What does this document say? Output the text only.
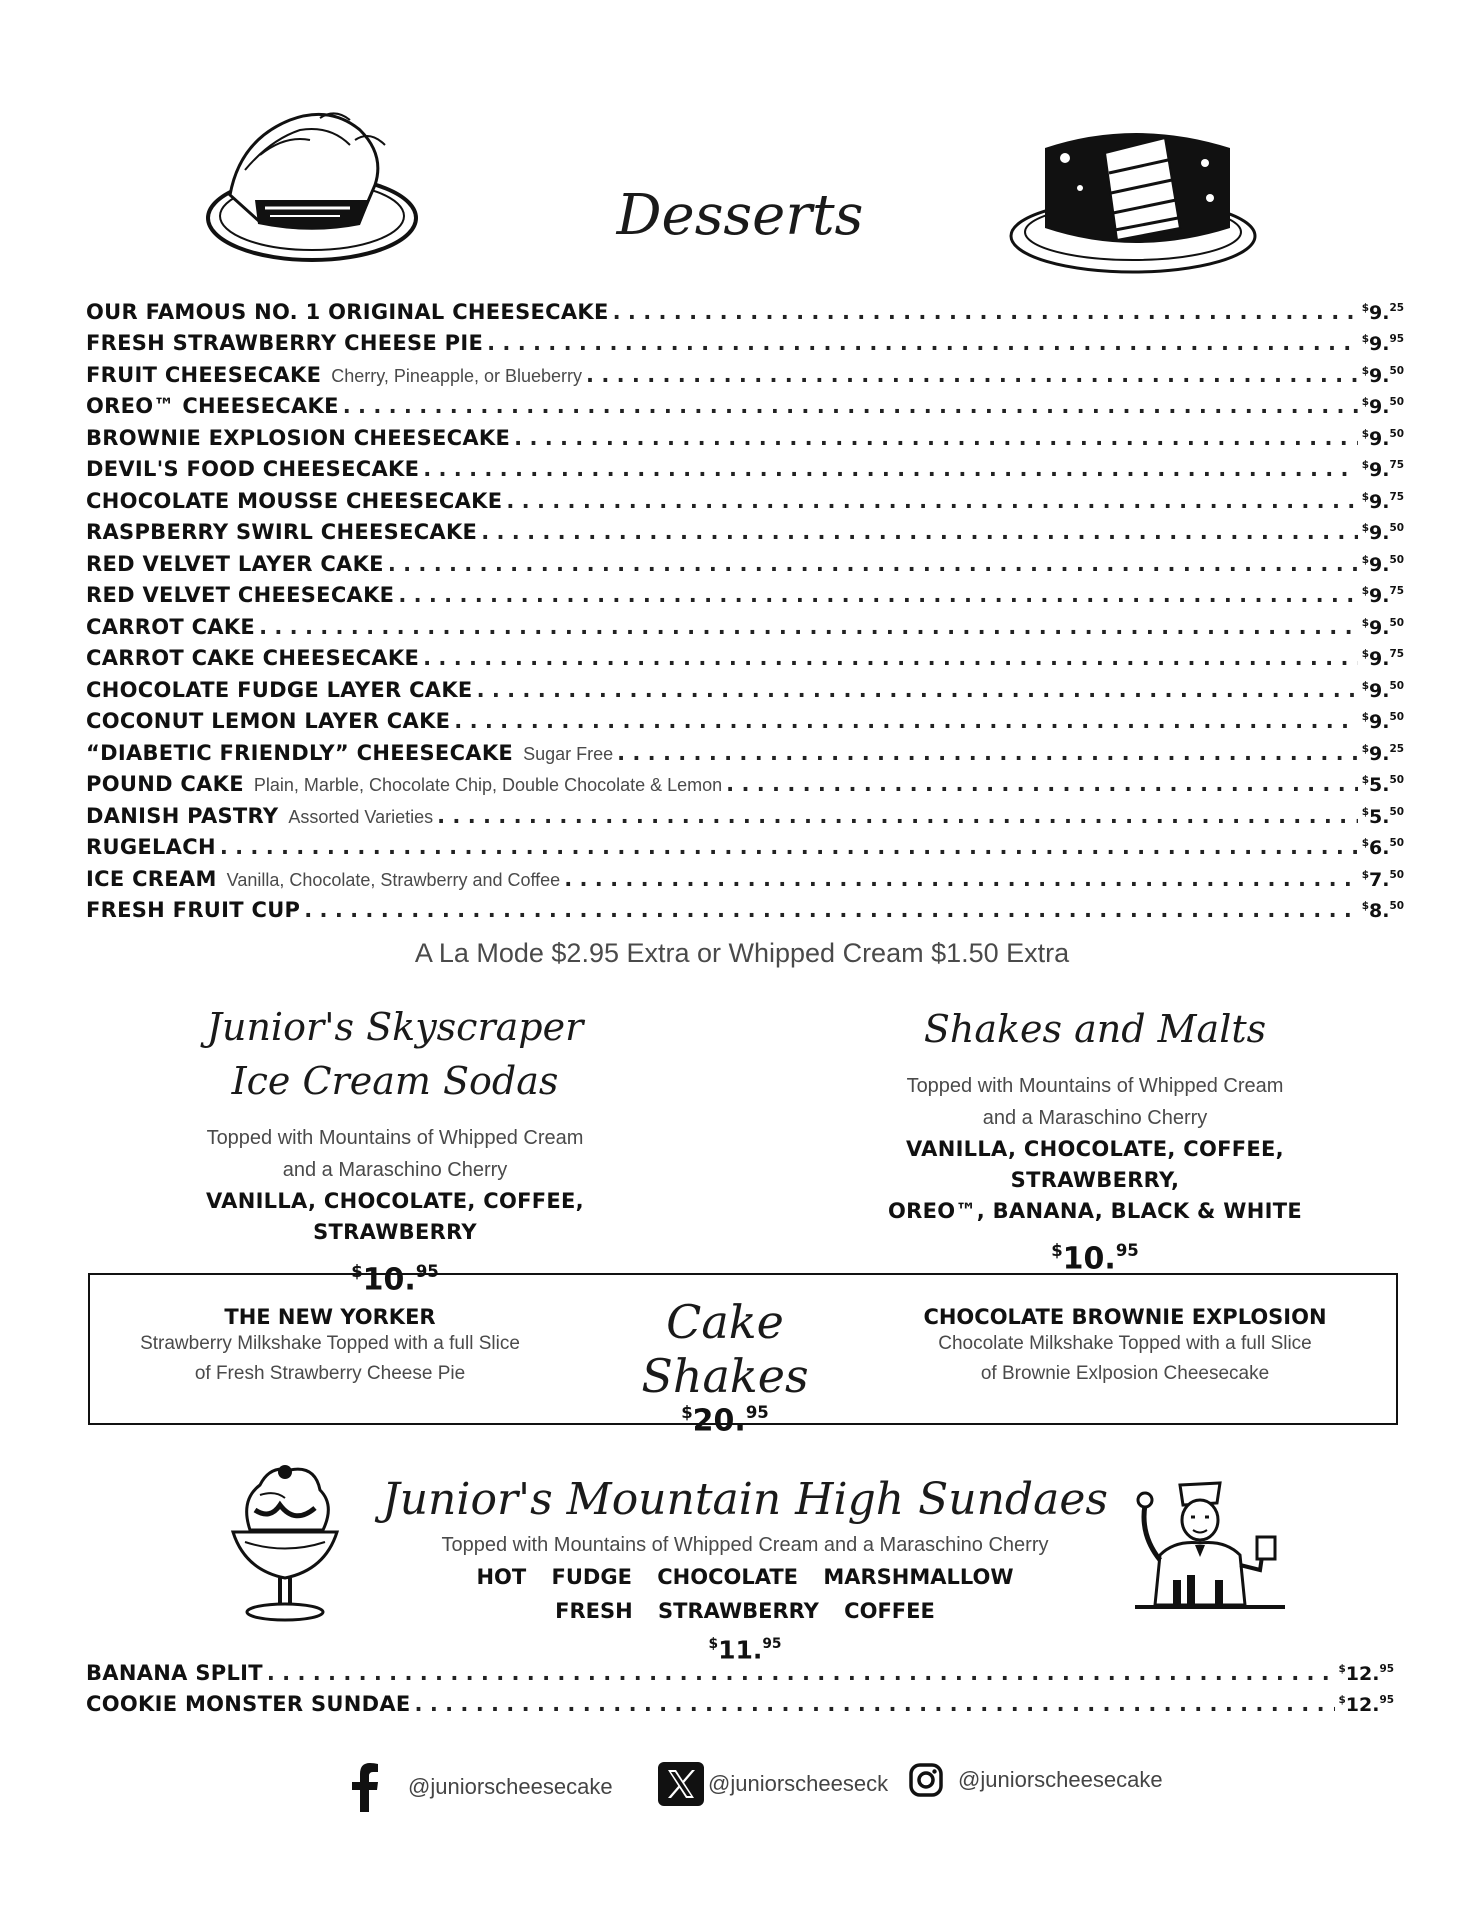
Desserts
OUR FAMOUS NO. 1 ORIGINAL CHEESECAKE . . .	$9.25
FRESH STRAWBERRY CHEESE PIE . . .	$9.95
FRUIT CHEESECAKE Cherry, Pineapple, or Blueberry . . .	$9.50
OREO™ CHEESECAKE . . .	$9.50
BROWNIE EXPLOSION CHEESECAKE . . .	$9.50
DEVIL'S FOOD CHEESECAKE . . .	$9.75
CHOCOLATE MOUSSE CHEESECAKE . . .	$9.75
RASPBERRY SWIRL CHEESECAKE . . .	$9.50
RED VELVET LAYER CAKE . . .	$9.50
RED VELVET CHEESECAKE . . .	$9.75
CARROT CAKE . . .	$9.50
CARROT CAKE CHEESECAKE . . .	$9.75
CHOCOLATE FUDGE LAYER CAKE . . .	$9.50
COCONUT LEMON LAYER CAKE . . .	$9.50
“DIABETIC FRIENDLY” CHEESECAKE Sugar Free . . .	$9.25
POUND CAKE Plain, Marble, Chocolate Chip, Double Chocolate & Lemon . . .	$5.50
DANISH PASTRY Assorted Varieties . . .	$5.50
RUGELACH . . .	$6.50
ICE CREAM Vanilla, Chocolate, Strawberry and Coffee . . .	$7.50
FRESH FRUIT CUP . . .	$8.50
A La Mode $2.95 Extra or Whipped Cream $1.50 Extra
Junior's Skyscraper
Ice Cream Sodas
Topped with Mountains of Whipped Cream
and a Maraschino Cherry
VANILLA, CHOCOLATE, COFFEE, STRAWBERRY
$10.95
Shakes and Malts
Topped with Mountains of Whipped Cream
and a Maraschino Cherry
VANILLA, CHOCOLATE, COFFEE, STRAWBERRY,
OREO™, BANANA, BLACK & WHITE
$10.95
THE NEW YORKER
Strawberry Milkshake Topped with a full Slice
of Fresh Strawberry Cheese Pie
Cake Shakes
$20.95
CHOCOLATE BROWNIE EXPLOSION
Chocolate Milkshake Topped with a full Slice
of Brownie Exlposion Cheesecake
Junior's Mountain High Sundaes
Topped with Mountains of Whipped Cream and a Maraschino Cherry
HOT FUDGE CHOCOLATE MARSHMALLOW
FRESH STRAWBERRY COFFEE
$11.95
BANANA SPLIT . . .	$12.95
COOKIE MONSTER SUNDAE . . .	$12.95
@juniorscheesecake	@juniorscheeseck	@juniorscheesecake
